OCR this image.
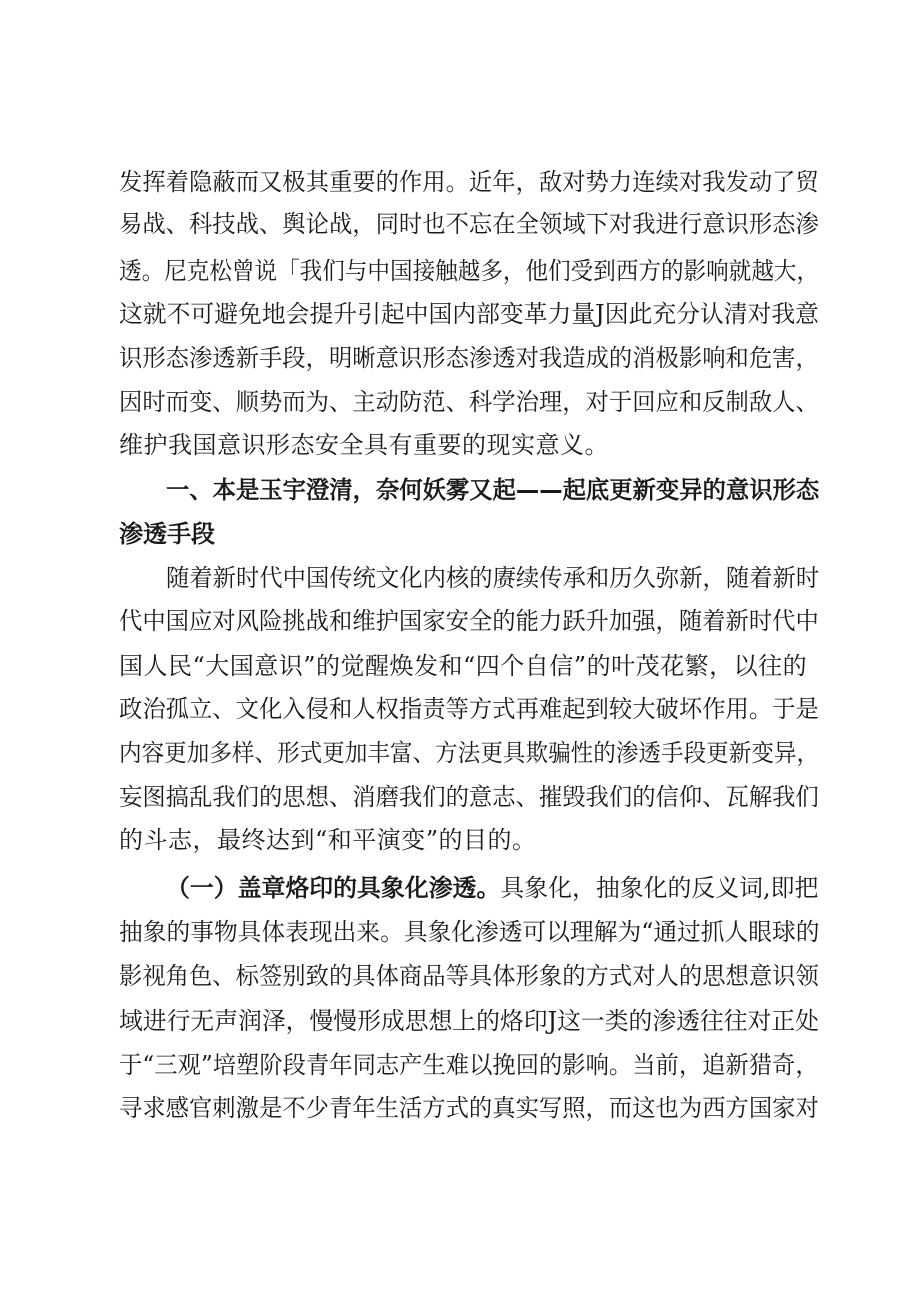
发挥着隐蔽而又极其重要的作用。近年，敌对势力连续对我发动了贸
易战、科技战、舆论战，同时也不忘在全领域下对我进行意识形态渗
透。尼克松曾说「我们与中国接触越多，他们受到西方的影响就越大，
这就不可避免地会提升引起中国内部变革力量J因此充分认清对我意
识形态渗透新手段，明晰意识形态渗透对我造成的消极影响和危害，
因时而变、顺势而为、主动防范、科学治理，对于回应和反制敌人、
维护我国意识形态安全具有重要的现实意义。
一、本是玉宇澄清，奈何妖雾又起——起底更新变异的意识形态
渗透手段
随着新时代中国传统文化内核的赓续传承和历久弥新，随着新时
代中国应对风险挑战和维护国家安全的能力跃升加强，随着新时代中
国人民“大国意识”的觉醒焕发和“四个自信”的叶茂花繁，以往的
政治孤立、文化入侵和人权指责等方式再难起到较大破坏作用。于是
内容更加多样、形式更加丰富、方法更具欺骗性的渗透手段更新变异，
妄图搞乱我们的思想、消磨我们的意志、摧毁我们的信仰、瓦解我们
的斗志，最终达到“和平演变”的目的。
（一）盖章烙印的具象化渗透。具象化，抽象化的反义词,即把
抽象的事物具体表现出来。具象化渗透可以理解为“通过抓人眼球的
影视角色、标签别致的具体商品等具体形象的方式对人的思想意识领
域进行无声润泽，慢慢形成思想上的烙印J这一类的渗透往往对正处
于“三观”培塑阶段青年同志产生难以挽回的影响。当前，追新猎奇，
寻求感官刺激是不少青年生活方式的真实写照，而这也为西方国家对
